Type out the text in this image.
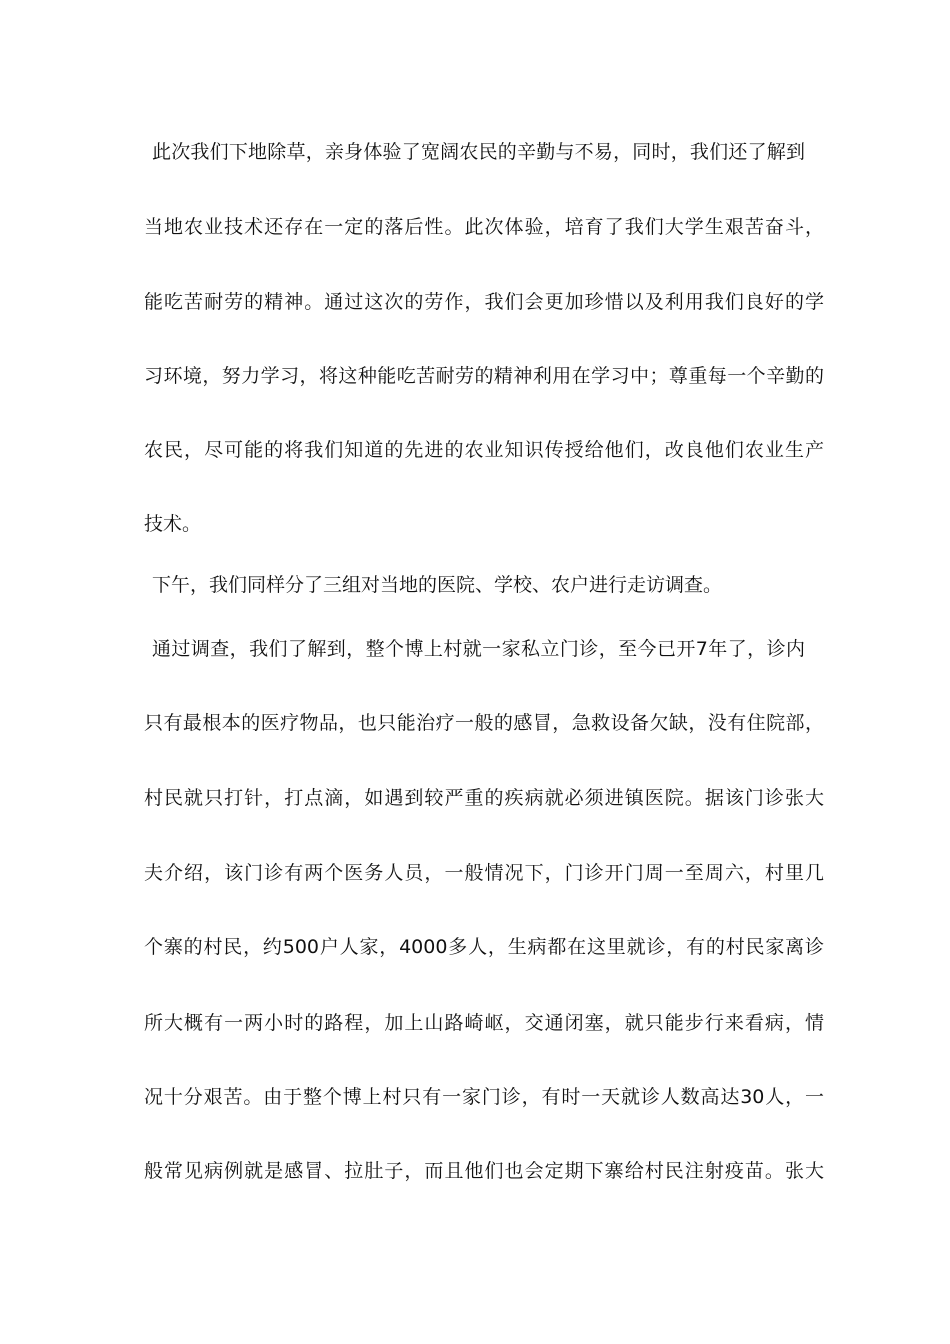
此次我们下地除草，亲身体验了宽阔农民的辛勤与不易，同时，我们还了解到
当地农业技术还存在一定的落后性。此次体验，培育了我们大学生艰苦奋斗，
能吃苦耐劳的精神。通过这次的劳作，我们会更加珍惜以及利用我们良好的学
习环境，努力学习，将这种能吃苦耐劳的精神利用在学习中；尊重每一个辛勤的
农民，尽可能的将我们知道的先进的农业知识传授给他们，改良他们农业生产
技术。
下午，我们同样分了三组对当地的医院、学校、农户进行走访调查。
通过调查，我们了解到，整个博上村就一家私立门诊，至今已开7年了，诊内
只有最根本的医疗物品，也只能治疗一般的感冒，急救设备欠缺，没有住院部，
村民就只打针，打点滴，如遇到较严重的疾病就必须进镇医院。据该门诊张大
夫介绍，该门诊有两个医务人员，一般情况下，门诊开门周一至周六，村里几
个寨的村民，约500户人家，4000多人，生病都在这里就诊，有的村民家离诊
所大概有一两小时的路程，加上山路崎岖，交通闭塞，就只能步行来看病，情
况十分艰苦。由于整个博上村只有一家门诊，有时一天就诊人数高达30人，一
般常见病例就是感冒、拉肚子，而且他们也会定期下寨给村民注射疫苗。张大
